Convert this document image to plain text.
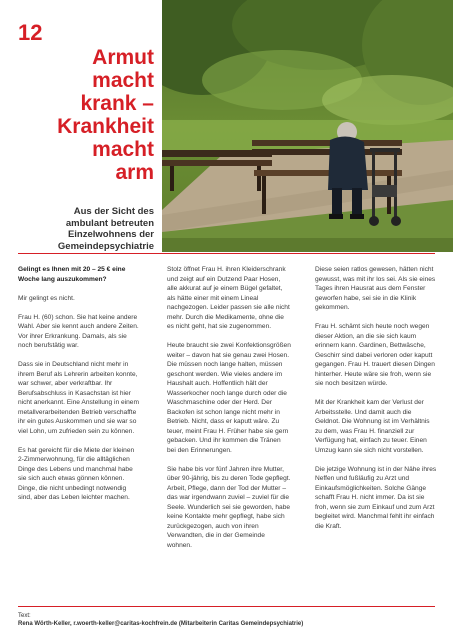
12
Armut
macht
krank –
Krankheit
macht
arm
Aus der Sicht des
ambulant betreuten
Einzelwohnens der
Gemeindepsychiatrie

Gelingt es Ihnen mit 20 – 25 € eine Woche lang auszukommen?

Mir gelingt es nicht.

Frau H. (60) schon. Sie hat keine andere Wahl. Aber sie kennt auch andere Zeiten. Vor ihrer Erkrankung. Damals, als sie noch berufstätig war.

Dass sie in Deutschland nicht mehr in ihrem Beruf als Lehrerin arbeiten konnte, war schwer, aber verkraftbar. Ihr Berufsabschluss in Kasachstan ist hier nicht anerkannt. Eine Anstellung in einem metallverarbeitenden Betrieb verschaffte ihr ein gutes Auskommen und sie war so viel Lohn, um zufrieden sein zu können.

Es hat gereicht für die Miete der kleinen 2-Zimmerwohnung, für die alltäglichen Dinge des Lebens und manchmal habe sie sich auch etwas gönnen können. Dinge, die nicht unbedingt notwendig sind, aber das Leben leichter machen.

Stolz öffnet Frau H. ihren Kleiderschrank und zeigt auf ein Dutzend Paar Hosen, alle akkurat auf je einem Bügel gefaltet, als hätte einer mit einem Lineal nachgezogen. Leider passen sie alle nicht mehr. Durch die Medikamente, ohne die es nicht geht, hat sie zugenommen.

Heute braucht sie zwei Konfektionsgrößen weiter – davon hat sie genau zwei Hosen. Die müssen noch lange halten, müssen geschont werden. Wie vieles andere im Haushalt auch. Hoffentlich hält der Wasserkocher noch lange durch oder die Waschmaschine oder der Herd. Der Backofen ist schon lange nicht mehr in Betrieb. Nicht, dass er kaputt wäre. Zu teuer, meint Frau H. Früher habe sie gern gebacken. Und ihr kommen die Tränen bei den Erinnerungen.

Sie habe bis vor fünf Jahren ihre Mutter, über 90-jährig, bis zu deren Tode gepflegt. Arbeit, Pflege, dann der Tod der Mutter – das war irgendwann zuviel – zuviel für die Seele. Wunderlich sei sie geworden, habe keine Kontakte mehr gepflegt, habe sich zurückgezogen, auch von ihren Verwandten, die in der Gemeinde wohnen.

Diese seien ratlos gewesen, hätten nicht gewusst, was mit ihr los sei. Als sie eines Tages ihren Hausrat aus dem Fenster geworfen habe, sei sie in die Klinik gekommen.

Frau H. schämt sich heute noch wegen dieser Aktion, an die sie sich kaum erinnern kann. Gardinen, Bettwäsche, Geschirr sind dabei verloren oder kaputt gegangen. Frau H. trauert diesen Dingen hinterher. Heute wäre sie froh, wenn sie sie noch besitzen würde.

Mit der Krankheit kam der Verlust der Arbeitsstelle. Und damit auch die Geldnot. Die Wohnung ist im Verhältnis zu dem, was Frau H. finanziell zur Verfügung hat, einfach zu teuer. Einen Umzug kann sie sich nicht vorstellen.

Die jetzige Wohnung ist in der Nähe ihres Neffen und fußläufig zu Arzt und Einkaufsmöglichkeiten. Solche Gänge schafft Frau H. nicht immer. Da ist sie froh, wenn sie zum Einkauf und zum Arzt begleitet wird. Manchmal fehlt ihr einfach die Kraft.

Text:
Rena Wörth-Keller, r.woerth-keller@caritas-kochfrein.de (Mitarbeiterin Caritas Gemeindepsychiatrie)
